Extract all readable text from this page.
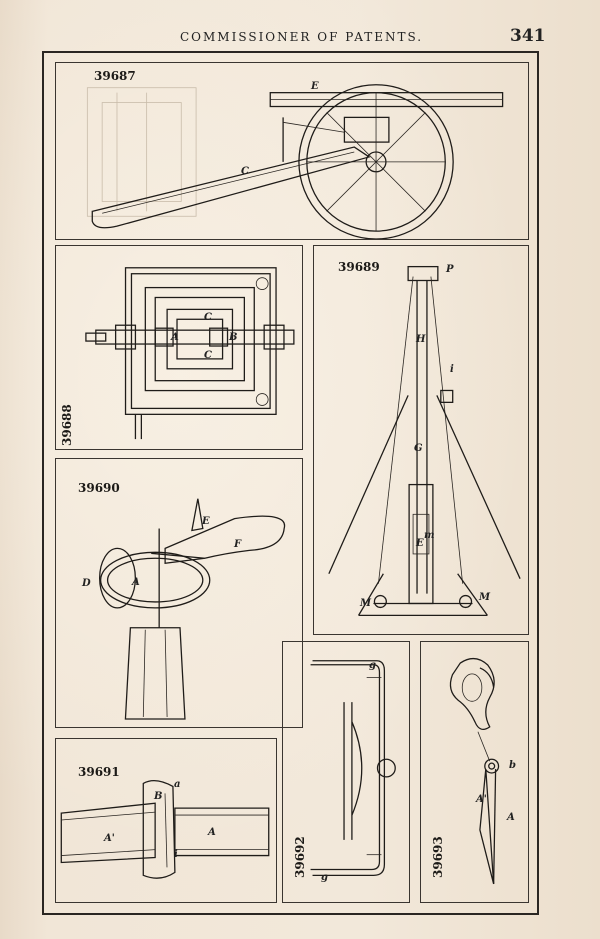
COMMISSIONER OF PATENTS.	341
39687
E
C
39688
A	B
C
C
39689	P
H
i
G
E
m
M
M
39690
E
F
D	A
39691
a
B
A'
A
i	39692
g
g	39693
b
A'
A
